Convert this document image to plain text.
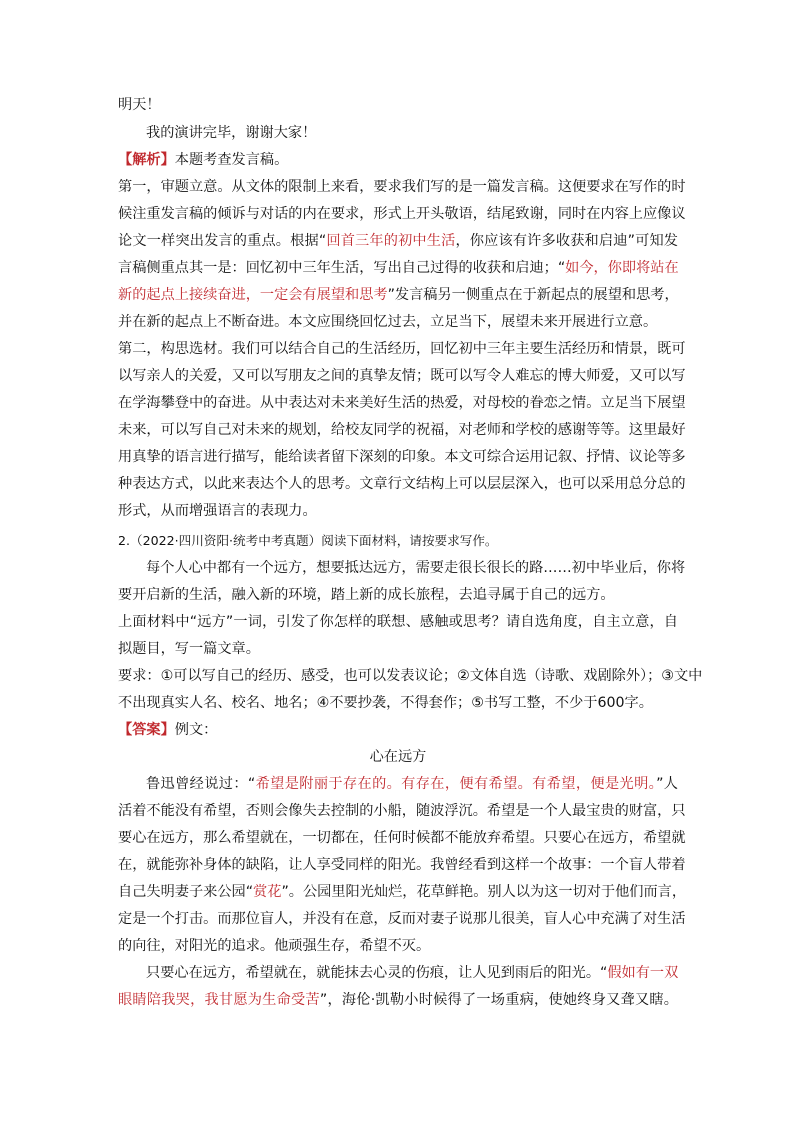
明天！
我的演讲完毕，谢谢大家！
【解析】本题考查发言稿。
第一，审题立意。从文体的限制上来看，要求我们写的是一篇发言稿。这便要求在写作的时
候注重发言稿的倾诉与对话的内在要求，形式上开头敬语，结尾致谢，同时在内容上应像议
论文一样突出发言的重点。根据“回首三年的初中生活，你应该有许多收获和启迪”可知发
言稿侧重点其一是：回忆初中三年生活，写出自己过得的收获和启迪；“如今，你即将站在
新的起点上接续奋进，一定会有展望和思考”发言稿另一侧重点在于新起点的展望和思考，
并在新的起点上不断奋进。本文应围绕回忆过去，立足当下，展望未来开展进行立意。
第二，构思选材。我们可以结合自己的生活经历，回忆初中三年主要生活经历和情景，既可
以写亲人的关爱，又可以写朋友之间的真挚友情；既可以写令人难忘的博大师爱，又可以写
在学海攀登中的奋进。从中表达对未来美好生活的热爱，对母校的眷恋之情。立足当下展望
未来，可以写自己对未来的规划，给校友同学的祝福，对老师和学校的感谢等等。这里最好
用真挚的语言进行描写，能给读者留下深刻的印象。本文可综合运用记叙、抒情、议论等多
种表达方式，以此来表达个人的思考。文章行文结构上可以层层深入，也可以采用总分总的
形式，从而增强语言的表现力。
2.（2022·四川资阳·统考中考真题）阅读下面材料，请按要求写作。
每个人心中都有一个远方，想要抵达远方，需要走很长很长的路……初中毕业后，你将
要开启新的生活，融入新的环境，踏上新的成长旅程，去追寻属于自己的远方。
上面材料中“远方”一词，引发了你怎样的联想、感触或思考？请自选角度，自主立意，自
拟题目，写一篇文章。
要求：①可以写自己的经历、感受，也可以发表议论；②文体自选（诗歌、戏剧除外）；③文中
不出现真实人名、校名、地名；④不要抄袭，不得套作；⑤书写工整，不少于600字。
【答案】例文：
心在远方
鲁迅曾经说过：“希望是附丽于存在的。有存在，便有希望。有希望，便是光明。”人
活着不能没有希望，否则会像失去控制的小船，随波浮沉。希望是一个人最宝贵的财富，只
要心在远方，那么希望就在，一切都在，任何时候都不能放弃希望。只要心在远方，希望就
在，就能弥补身体的缺陷，让人享受同样的阳光。我曾经看到这样一个故事：一个盲人带着
自己失明妻子来公园“赏花”。公园里阳光灿烂，花草鲜艳。别人以为这一切对于他们而言，
定是一个打击。而那位盲人，并没有在意，反而对妻子说那儿很美，盲人心中充满了对生活
的向往，对阳光的追求。他顽强生存，希望不灭。
只要心在远方，希望就在，就能抹去心灵的伤痕，让人见到雨后的阳光。“假如有一双
眼睛陪我哭，我甘愿为生命受苦”，海伦·凯勒小时候得了一场重病，使她终身又聋又瞎。
